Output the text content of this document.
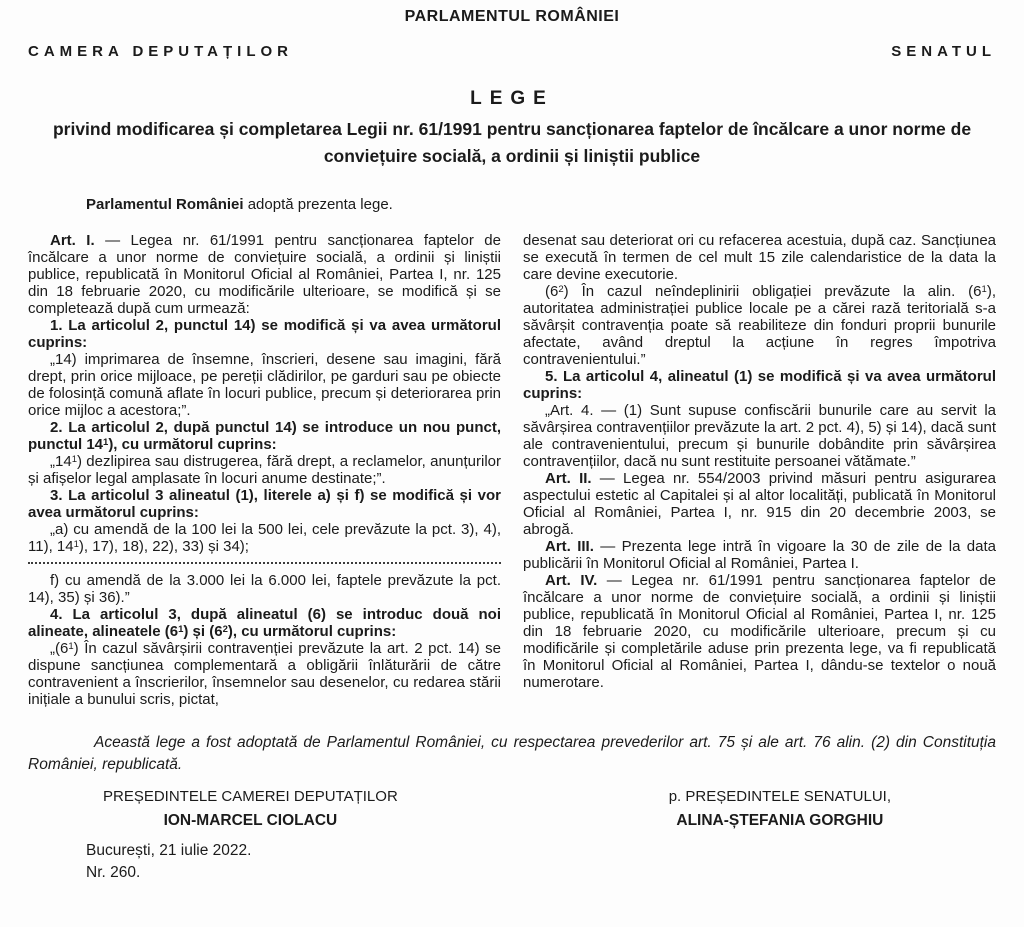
PARLAMENTUL ROMÂNIEI
CAMERA DEPUTAȚILOR	SENATUL
LEGE
privind modificarea și completarea Legii nr. 61/1991 pentru sancționarea faptelor de încălcare a unor norme de conviețuire socială, a ordinii și liniștii publice
Parlamentul României adoptă prezenta lege.
Art. I. — Legea nr. 61/1991 pentru sancționarea faptelor de încălcare a unor norme de conviețuire socială, a ordinii și liniștii publice, republicată în Monitorul Oficial al României, Partea I, nr. 125 din 18 februarie 2020, cu modificările ulterioare, se modifică și se completează după cum urmează:
1. La articolul 2, punctul 14) se modifică și va avea următorul cuprins:
„14) imprimarea de însemne, înscrieri, desene sau imagini, fără drept, prin orice mijloace, pe pereții clădirilor, pe garduri sau pe obiecte de folosință comună aflate în locuri publice, precum și deteriorarea prin orice mijloc a acestora;”.
2. La articolul 2, după punctul 14) se introduce un nou punct, punctul $14^1$), cu următorul cuprins:
$„14^1$) dezlipirea sau distrugerea, fără drept, a reclamelor, anunțurilor și afișelor legal amplasate în locuri anume destinate;”.
3. La articolul 3 alineatul (1), literele a) și f) se modifică și vor avea următorul cuprins:
„a) cu amendă de la 100 lei la 500 lei, cele prevăzute la pct. 3), 4), 11), $14^1$), 17), 18), 22), 33) și 34);
f) cu amendă de la 3.000 lei la 6.000 lei, faptele prevăzute la pct. 14), 35) și 36).”
4. La articolul 3, după alineatul (6) se introduc două noi alineate, alineatele $(6^1)$ și $(6^2)$, cu următorul cuprins:
$„(6^1)$ În cazul săvârșirii contravenției prevăzute la art. 2 pct. 14) se dispune sancțiunea complementară a obligării înlăturării de către contravenient a înscrierilor, însemnelor sau desenelor, cu redarea stării inițiale a bunului scris, pictat,
desenat sau deteriorat ori cu refacerea acestuia, după caz. Sancțiunea se execută în termen de cel mult 15 zile calendaristice de la data la care devine executorie.
$(6^2)$ În cazul neîndeplinirii obligației prevăzute la alin. $(6^1)$, autoritatea administrației publice locale pe a cărei rază teritorială s-a săvârșit contravenția poate să reabiliteze din fonduri proprii bunurile afectate, având dreptul la acțiune în regres împotriva contravenientului.”
5. La articolul 4, alineatul (1) se modifică și va avea următorul cuprins:
„Art. 4. — (1) Sunt supuse confiscării bunurile care au servit la săvârșirea contravențiilor prevăzute la art. 2 pct. 4), 5) și 14), dacă sunt ale contravenientului, precum și bunurile dobândite prin săvârșirea contravențiilor, dacă nu sunt restituite persoanei vătămate.”
Art. II. — Legea nr. 554/2003 privind măsuri pentru asigurarea aspectului estetic al Capitalei și al altor localități, publicată în Monitorul Oficial al României, Partea I, nr. 915 din 20 decembrie 2003, se abrogă.
Art. III. — Prezenta lege intră în vigoare la 30 de zile de la data publicării în Monitorul Oficial al României, Partea I.
Art. IV. — Legea nr. 61/1991 pentru sancționarea faptelor de încălcare a unor norme de conviețuire socială, a ordinii și liniștii publice, republicată în Monitorul Oficial al României, Partea I, nr. 125 din 18 februarie 2020, cu modificările ulterioare, precum și cu modificările și completările aduse prin prezenta lege, va fi republicată în Monitorul Oficial al României, Partea I, dându-se textelor o nouă numerotare.
Această lege a fost adoptată de Parlamentul României, cu respectarea prevederilor art. 75 și ale art. 76 alin. (2) din Constituția României, republicată.
PREȘEDINTELE CAMEREI DEPUTAȚILOR
ION-MARCEL CIOLACU
p. PREȘEDINTELE SENATULUI,
ALINA-ȘTEFANIA GORGHIU
București, 21 iulie 2022.
Nr. 260.
